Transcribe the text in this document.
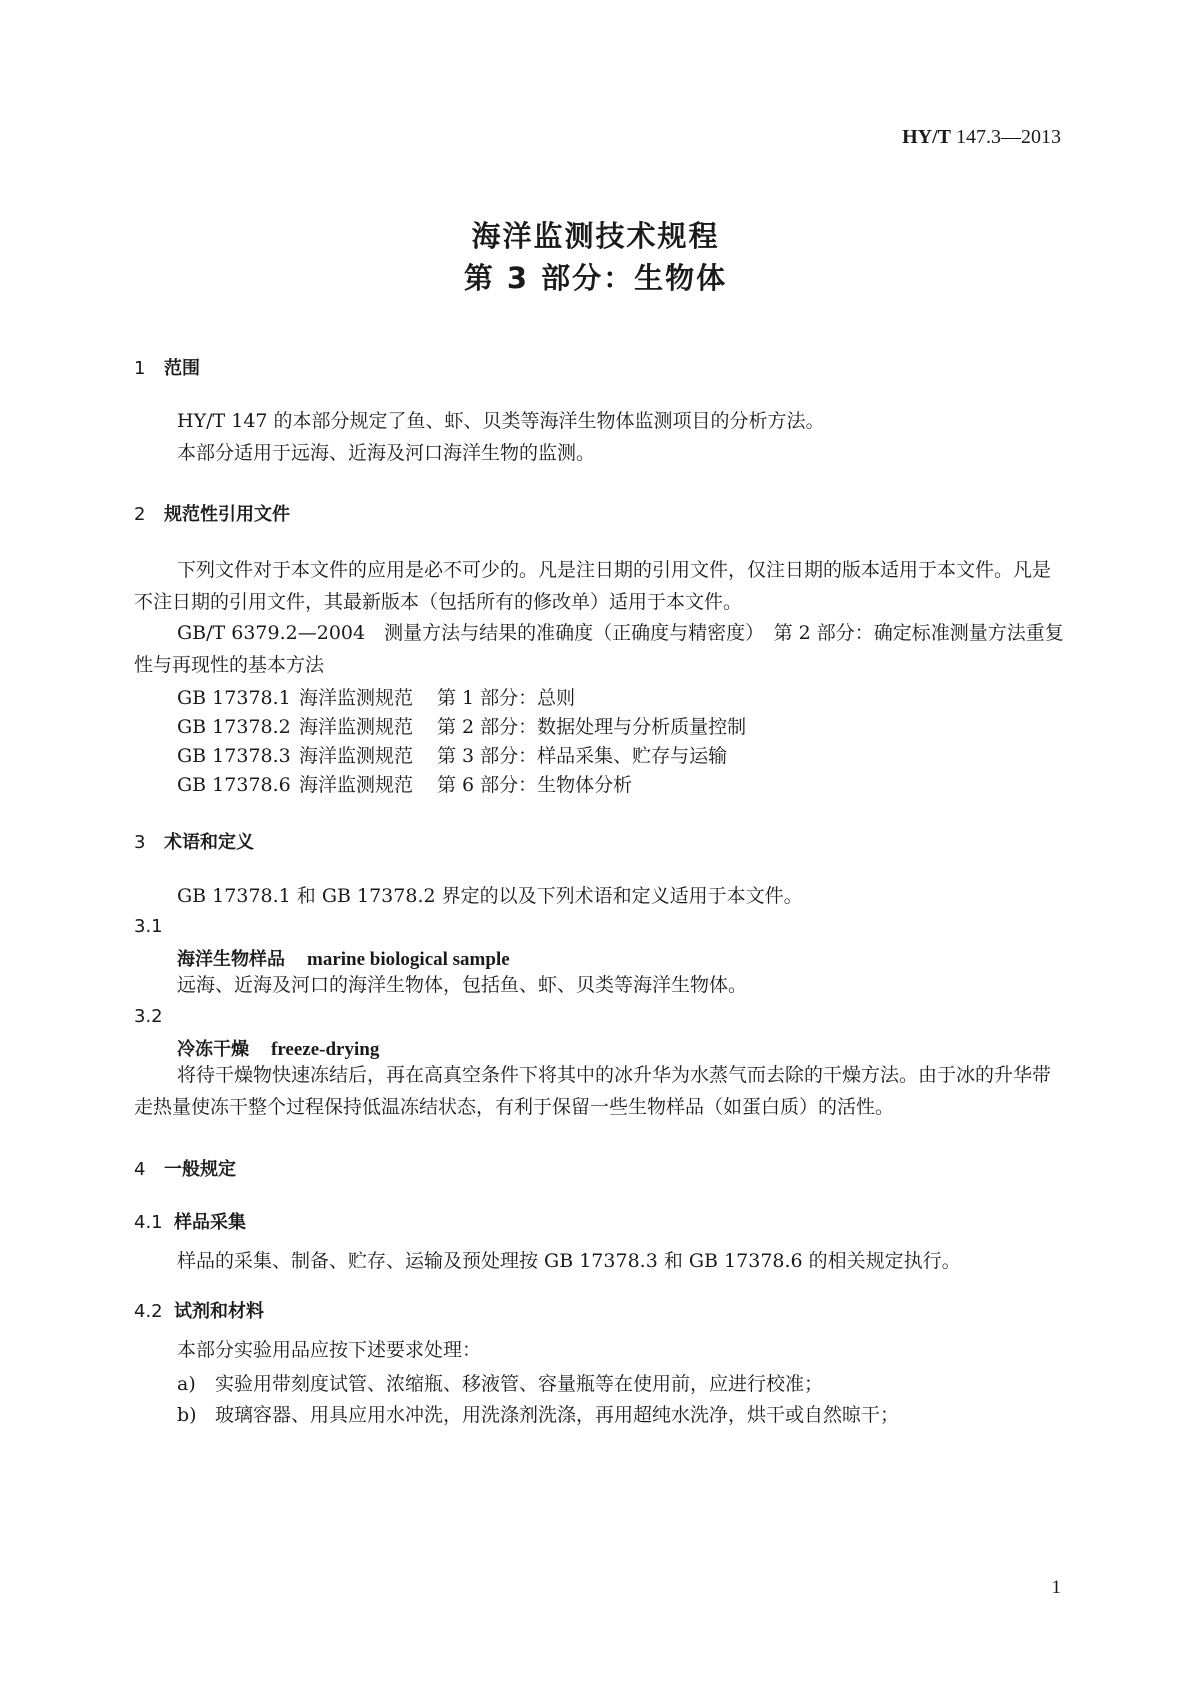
HY/T 147.3—2013
海洋监测技术规程
第 3 部分：生物体
1 范围
HY/T 147 的本部分规定了鱼、虾、贝类等海洋生物体监测项目的分析方法。
本部分适用于远海、近海及河口海洋生物的监测。
2 规范性引用文件
下列文件对于本文件的应用是必不可少的。凡是注日期的引用文件，仅注日期的版本适用于本文件。凡是不注日期的引用文件，其最新版本（包括所有的修改单）适用于本文件。
GB/T 6379.2—2004　测量方法与结果的准确度（正确度与精密度）　第 2 部分：确定标准测量方法重复性与再现性的基本方法
GB 17378.1 海洋监测规范 第 1 部分：总则
GB 17378.2 海洋监测规范 第 2 部分：数据处理与分析质量控制
GB 17378.3 海洋监测规范 第 3 部分：样品采集、贮存与运输
GB 17378.6 海洋监测规范 第 6 部分：生物体分析
3 术语和定义
GB 17378.1 和 GB 17378.2 界定的以及下列术语和定义适用于本文件。
3.1
海洋生物样品 marine biological sample
远海、近海及河口的海洋生物体，包括鱼、虾、贝类等海洋生物体。
3.2
冷冻干燥 freeze-drying
将待干燥物快速冻结后，再在高真空条件下将其中的冰升华为水蒸气而去除的干燥方法。由于冰的升华带走热量使冻干整个过程保持低温冻结状态，有利于保留一些生物样品（如蛋白质）的活性。
4 一般规定
4.1 样品采集
样品的采集、制备、贮存、运输及预处理按 GB 17378.3 和 GB 17378.6 的相关规定执行。
4.2 试剂和材料
本部分实验用品应按下述要求处理：
a) 实验用带刻度试管、浓缩瓶、移液管、容量瓶等在使用前，应进行校准；
b) 玻璃容器、用具应用水冲洗，用洗涤剂洗涤，再用超纯水洗净，烘干或自然晾干；
1
